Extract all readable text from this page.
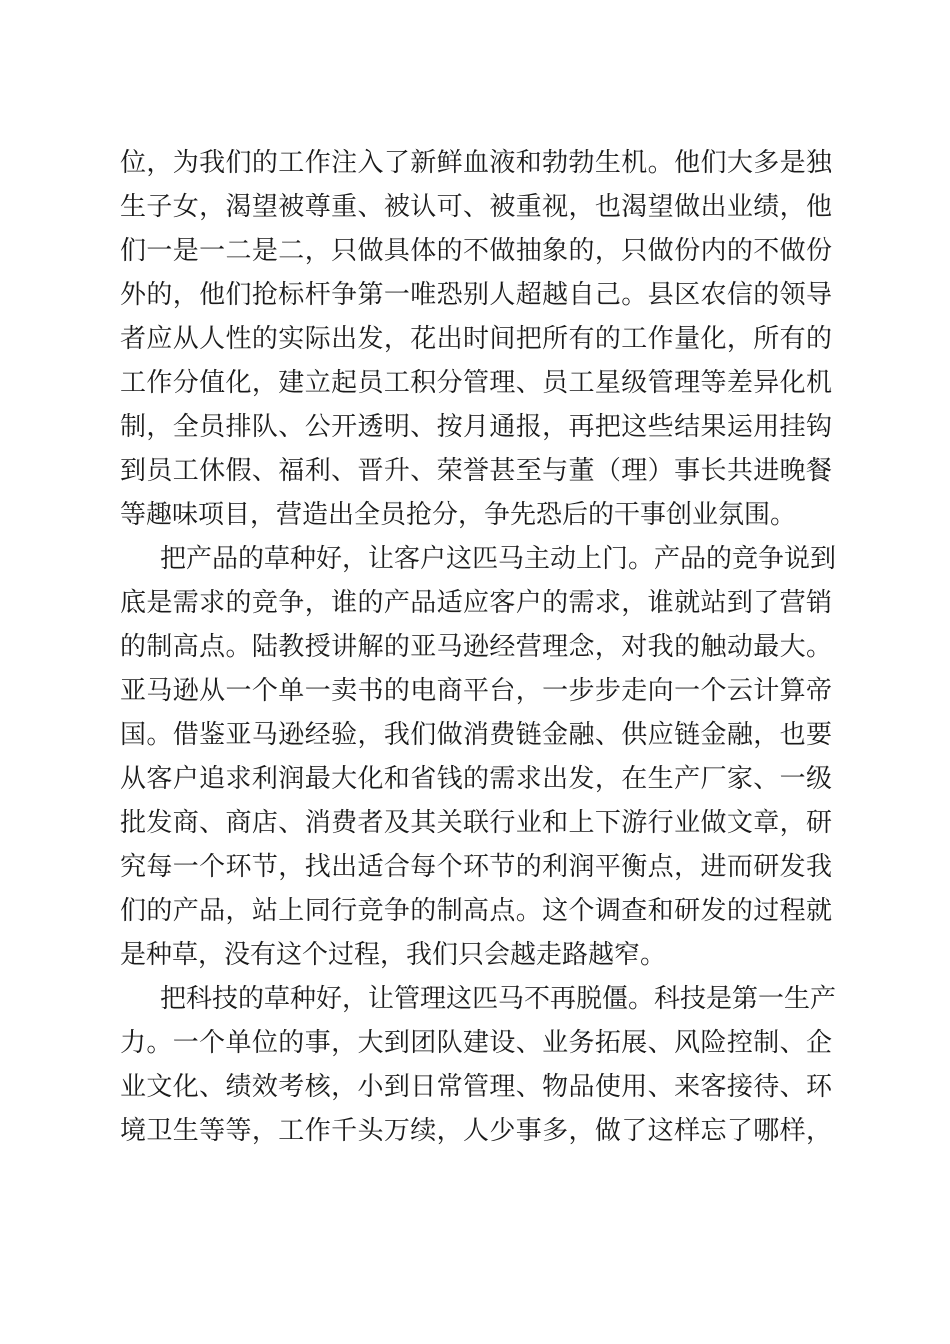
位，为我们的工作注入了新鲜血液和勃勃生机。他们大多是独
生子女，渴望被尊重、被认可、被重视，也渴望做出业绩，他
们一是一二是二，只做具体的不做抽象的，只做份内的不做份
外的，他们抢标杆争第一唯恐别人超越自己。县区农信的领导
者应从人性的实际出发，花出时间把所有的工作量化，所有的
工作分值化，建立起员工积分管理、员工星级管理等差异化机
制，全员排队、公开透明、按月通报，再把这些结果运用挂钩
到员工休假、福利、晋升、荣誉甚至与董（理）事长共进晚餐
等趣味项目，营造出全员抢分，争先恐后的干事创业氛围。
把产品的草种好，让客户这匹马主动上门。产品的竞争说到
底是需求的竞争，谁的产品适应客户的需求，谁就站到了营销
的制高点。陆教授讲解的亚马逊经营理念，对我的触动最大。
亚马逊从一个单一卖书的电商平台，一步步走向一个云计算帝
国。借鉴亚马逊经验，我们做消费链金融、供应链金融，也要
从客户追求利润最大化和省钱的需求出发，在生产厂家、一级
批发商、商店、消费者及其关联行业和上下游行业做文章，研
究每一个环节，找出适合每个环节的利润平衡点，进而研发我
们的产品，站上同行竞争的制高点。这个调查和研发的过程就
是种草，没有这个过程，我们只会越走路越窄。
把科技的草种好，让管理这匹马不再脱僵。科技是第一生产
力。一个单位的事，大到团队建设、业务拓展、风险控制、企
业文化、绩效考核，小到日常管理、物品使用、来客接待、环
境卫生等等，工作千头万续，人少事多，做了这样忘了哪样，
